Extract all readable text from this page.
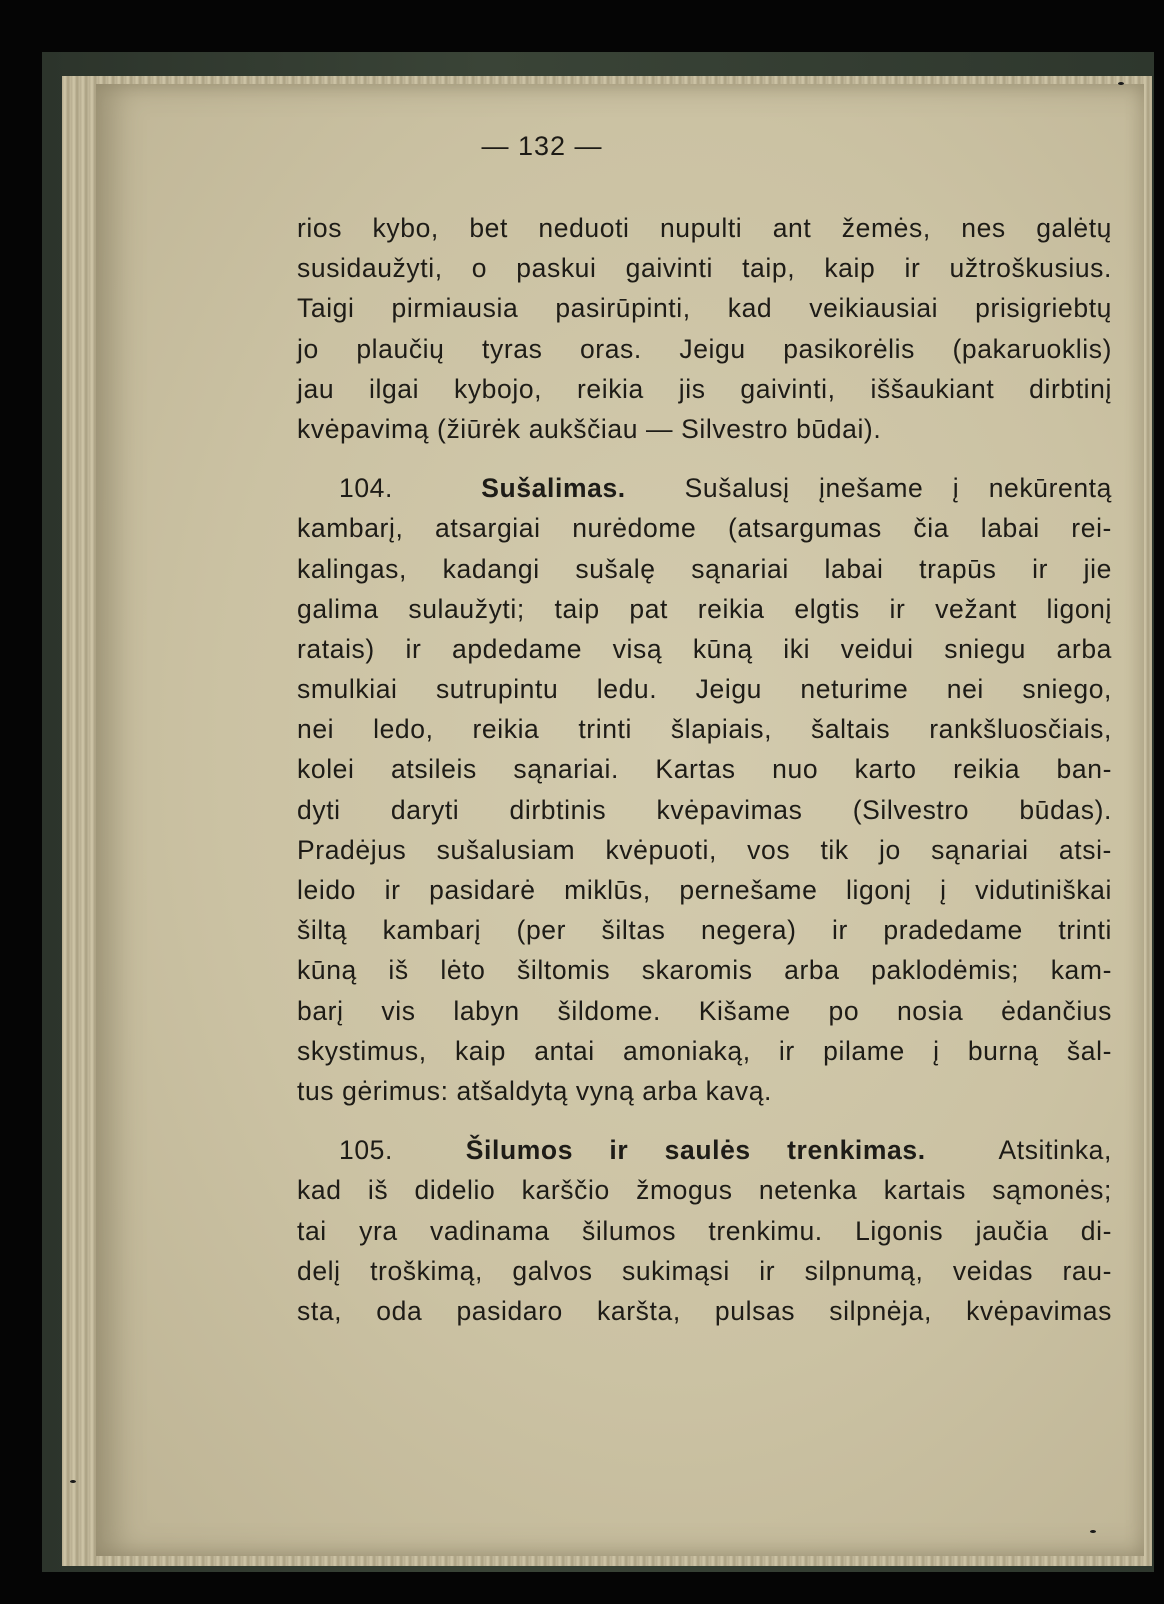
— 132 —
rios kybo, bet neduoti nupulti ant žemės, nes galėtų
susidaužyti, o paskui gaivinti taip, kaip ir užtroškusius.
Taigi pirmiausia pasirūpinti, kad veikiausiai prisigriebtų
jo plaučių tyras oras. Jeigu pasikorėlis (pakaruoklis)
jau ilgai kybojo, reikia jis gaivinti, iššaukiant dirbtinį
kvėpavimą (žiūrėk aukščiau — Silvestro būdai).
104.	Sušalimas. Sušalusį įnešame į nekūrentą
kambarį, atsargiai nurėdome (atsargumas čia labai rei-
kalingas, kadangi sušalę sąnariai labai trapūs ir jie
galima sulaužyti; taip pat reikia elgtis ir vežant ligonį
ratais) ir apdedame visą kūną iki veidui sniegu arba
smulkiai sutrupintu ledu. Jeigu neturime nei sniego,
nei ledo, reikia trinti šlapiais, šaltais rankšluosčiais,
kolei atsileis sąnariai. Kartas nuo karto reikia ban-
dyti daryti dirbtinis kvėpavimas (Silvestro būdas).
Pradėjus sušalusiam kvėpuoti, vos tik jo sąnariai atsi-
leido ir pasidarė miklūs, pernešame ligonį į vidutiniškai
šiltą kambarį (per šiltas negera) ir pradedame trinti
kūną iš lėto šiltomis skaromis arba paklodėmis; kam-
barį vis labyn šildome. Kišame po nosia ėdančius
skystimus, kaip antai amoniaką, ir pilame į burną šal-
tus gėrimus: atšaldytą vyną arba kavą.
105.	Šilumos ir saulės trenkimas.	Atsitinka,
kad iš didelio karščio žmogus netenka kartais sąmonės;
tai yra vadinama šilumos trenkimu. Ligonis jaučia di-
delį troškimą, galvos sukimąsi ir silpnumą, veidas rau-
sta, oda pasidaro karšta, pulsas silpnėja, kvėpavimas
